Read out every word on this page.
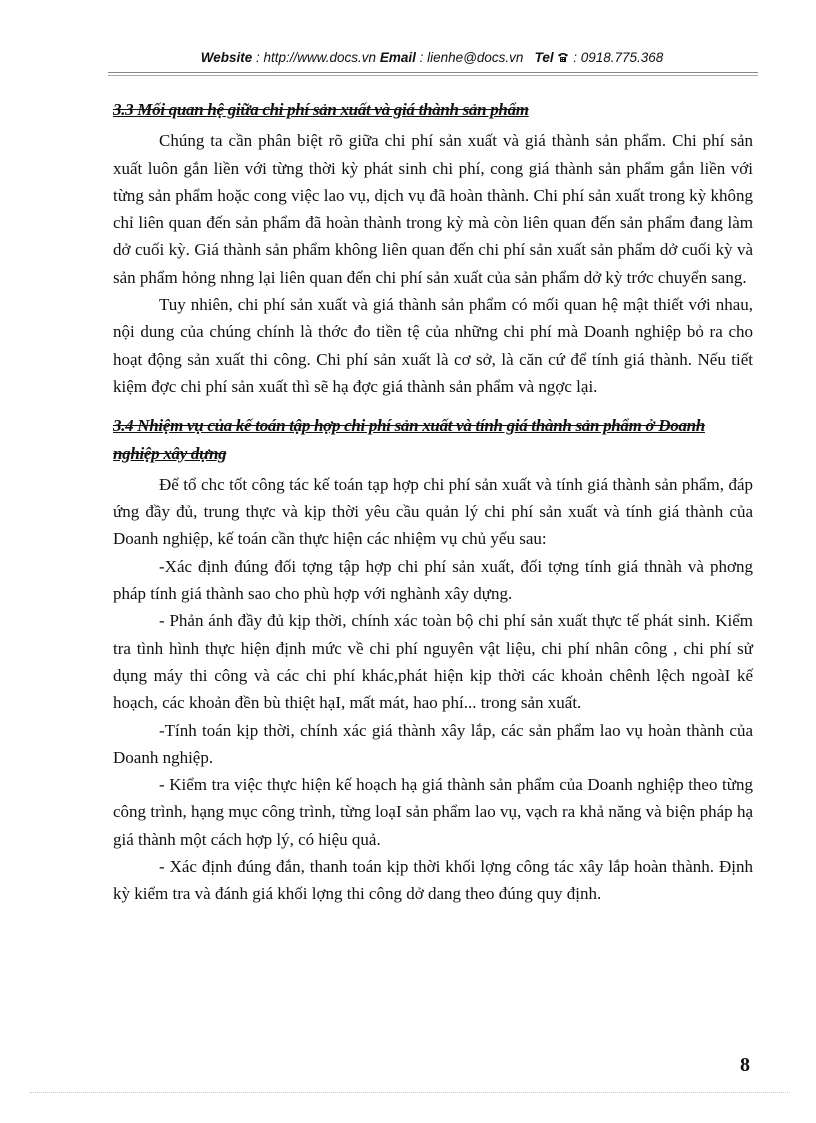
Website : http://www.docs.vn Email : lienhe@docs.vn Tel  : 0918.775.368

3.3 Mối quan hệ giữa chi phí sản xuất và giá thành sản phẩm

Chúng ta cần phân biệt rõ giữa chi phí sản xuất và giá thành sản phẩm. Chi phí sản xuất luôn gắn liền với từng thời kỳ phát sinh chi phí, cong giá thành sản phẩm gắn liền với từng sản phẩm hoặc cong việc lao vụ, dịch vụ đã hoàn thành. Chi phí sản xuất trong kỳ không chỉ liên quan đến sản phẩm đã hoàn thành trong kỳ mà còn liên quan đến sản phẩm đang làm dở cuối kỳ. Giá thành sản phẩm không liên quan đến chi phí sản xuất sản phẩm dở cuối kỳ và sản phẩm hỏng nhng lại liên quan đến chi phí sản xuất của sản phẩm dở kỳ trớc chuyển sang.

Tuy nhiên, chi phí sản xuất và giá thành sản phẩm có mối quan hệ mật thiết với nhau, nội dung của chúng chính là thớc đo tiền tệ của những chi phí mà Doanh nghiệp bỏ ra cho hoạt động sản xuất thi công. Chi phí sản xuất là cơ sở, là căn cứ để tính giá thành. Nếu tiết kiệm đợc chi phí sản xuất thì sẽ hạ đợc giá thành sản phẩm và ngợc lại.

3.4 Nhiệm vụ của kế toán tập hợp chi phí sản xuất và tính giá thành sản phẩm ở Doanh nghiệp xây dựng

Để tổ chc tốt công tác kế toán tạp hợp chi phí sản xuất và tính giá thành sản phẩm, đáp ứng đầy đủ, trung thực và kịp thời yêu cầu quản lý chi phí sản xuất và tính giá thành của Doanh nghiệp, kế toán cần thực hiện các nhiệm vụ chủ yếu sau:

-Xác định đúng đối tợng tập hợp chi phí sản xuất, đối tợng tính giá thnàh và phơng pháp tính giá thành sao cho phù hợp với nghành xây dựng.

- Phản ánh đầy đủ kịp thời, chính xác toàn bộ chi phí sản xuất thực tế phát sinh. Kiểm tra tình hình thực hiện định mức về chi phí nguyên vật liệu, chi phí nhân công , chi phí sử dụng máy thi công và các chi phí khác,phát hiện kịp thời các khoản chênh lệch ngoàI kế hoạch, các khoản đền bù thiệt hạI, mất mát, hao phí... trong sản xuất.

-Tính toán kịp thời, chính xác giá thành xây lắp, các sản phẩm lao vụ hoàn thành của Doanh nghiệp.

- Kiểm tra việc thực hiện kế hoạch hạ giá thành sản phẩm của Doanh nghiệp theo từng công trình, hạng mục công trình, từng loạI sản phẩm lao vụ, vạch ra khả năng và biện pháp hạ giá thành một cách hợp lý, có hiệu quả.

- Xác định đúng đắn, thanh toán kịp thời khối lợng công tác xây lắp hoàn thành. Định kỳ kiểm tra và đánh giá khối lợng thi công dở dang theo đúng quy định.

8
